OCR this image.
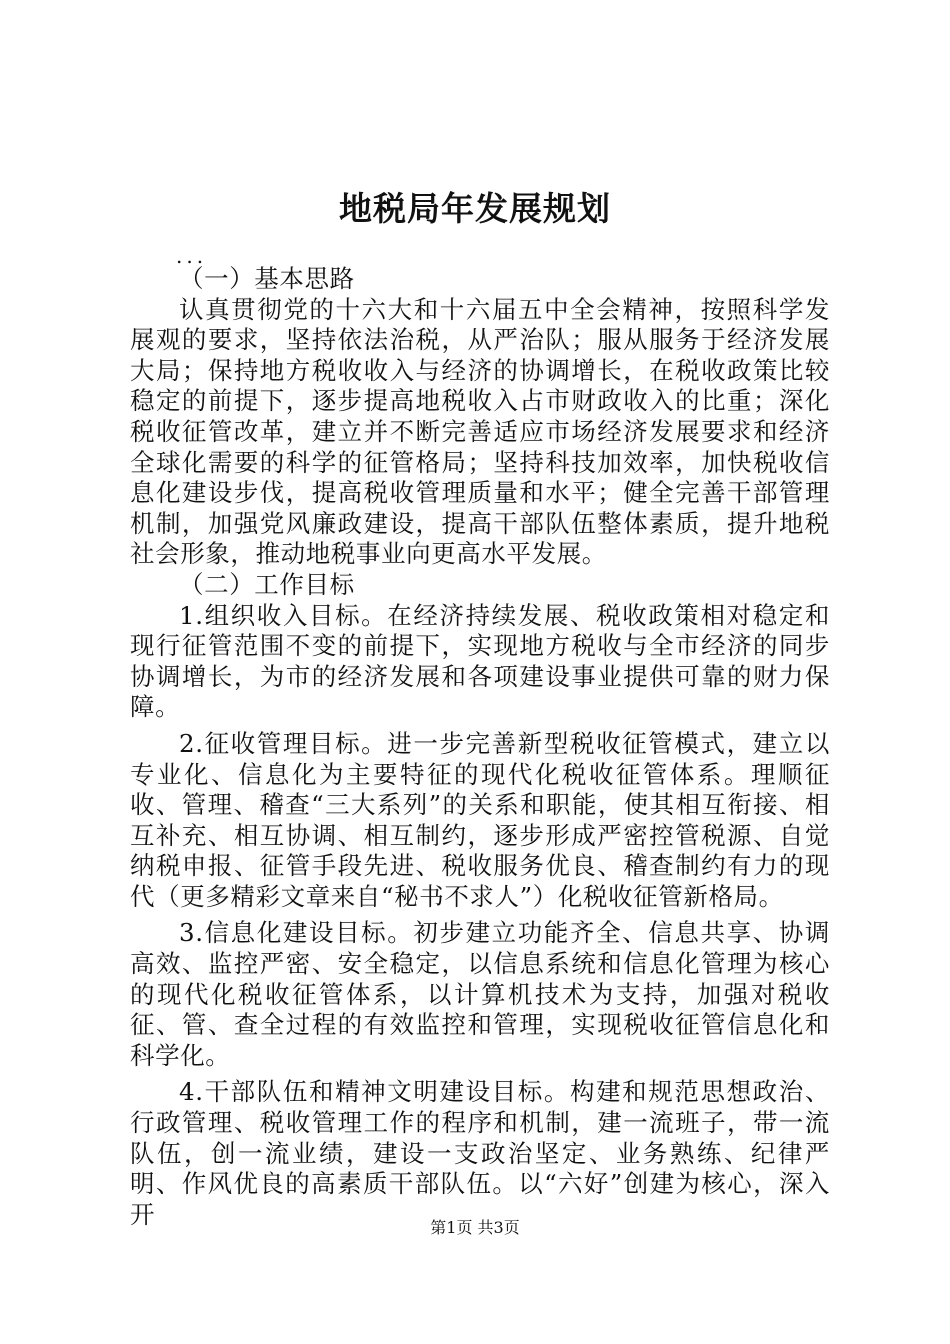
地税局年发展规划
...

（一）基本思路

认真贯彻党的十六大和十六届五中全会精神，按照科学发展观的要求，坚持依法治税，从严治队；服从服务于经济发展大局；保持地方税收收入与经济的协调增长，在税收政策比较稳定的前提下，逐步提高地税收入占市财政收入的比重；深化税收征管改革，建立并不断完善适应市场经济发展要求和经济全球化需要的科学的征管格局；坚持科技加效率，加快税收信息化建设步伐，提高税收管理质量和水平；健全完善干部管理机制，加强党风廉政建设，提高干部队伍整体素质，提升地税社会形象，推动地税事业向更高水平发展。

（二）工作目标

1.组织收入目标。在经济持续发展、税收政策相对稳定和现行征管范围不变的前提下，实现地方税收与全市经济的同步协调增长，为市的经济发展和各项建设事业提供可靠的财力保障。

2.征收管理目标。进一步完善新型税收征管模式，建立以专业化、信息化为主要特征的现代化税收征管体系。理顺征收、管理、稽查“三大系列”的关系和职能，使其相互衔接、相互补充、相互协调、相互制约，逐步形成严密控管税源、自觉纳税申报、征管手段先进、税收服务优良、稽查制约有力的现代（更多精彩文章来自“秘书不求人”）化税收征管新格局。

3.信息化建设目标。初步建立功能齐全、信息共享、协调高效、监控严密、安全稳定，以信息系统和信息化管理为核心的现代化税收征管体系，以计算机技术为支持，加强对税收征、管、查全过程的有效监控和管理，实现税收征管信息化和科学化。

4.干部队伍和精神文明建设目标。构建和规范思想政治、行政管理、税收管理工作的程序和机制，建一流班子，带一流队伍，创一流业绩，建设一支政治坚定、业务熟练、纪律严明、作风优良的高素质干部队伍。以“六好”创建为核心，深入开	第1页 共3页
